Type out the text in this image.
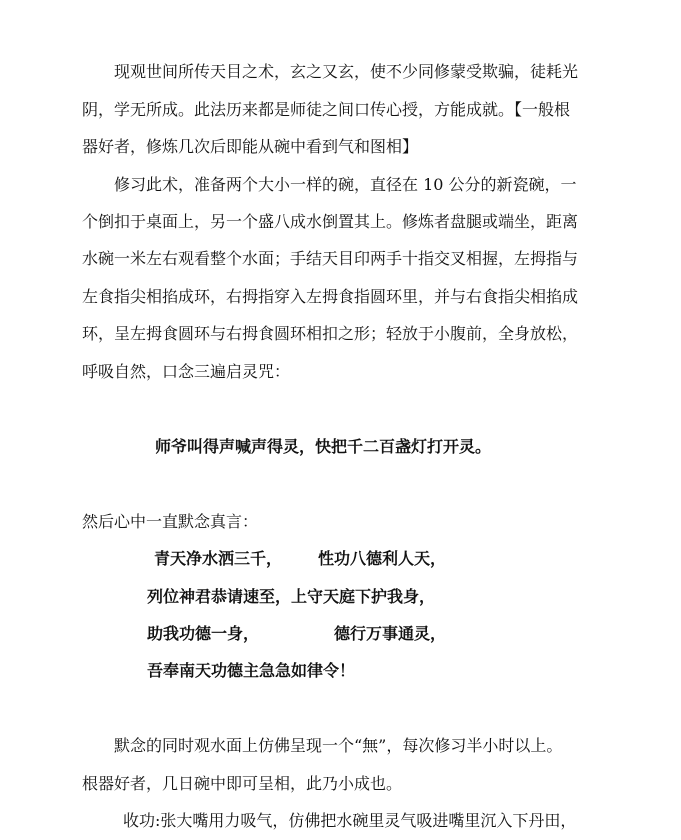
现观世间所传天目之术，玄之又玄，使不少同修蒙受欺骗，徒耗光
阴，学无所成。此法历来都是师徒之间口传心授，方能成就。【一般根
器好者，修炼几次后即能从碗中看到气和图相】
修习此术，准备两个大小一样的碗，直径在 10 公分的新瓷碗，一
个倒扣于桌面上，另一个盛八成水倒置其上。修炼者盘腿或端坐，距离
水碗一米左右观看整个水面；手结天目印两手十指交叉相握，左拇指与
左食指尖相掐成环，右拇指穿入左拇食指圆环里，并与右食指尖相掐成
环，呈左拇食圆环与右拇食圆环相扣之形；轻放于小腹前，全身放松，
呼吸自然，口念三遍启灵咒：
师爷叫得声喊声得灵，快把千二百盏灯打开灵。
然后心中一直默念真言：
青天净水洒三千， 性功八德利人天，
列位神君恭请速至，上守天庭下护我身，
助我功德一身，	德行万事通灵，
吾奉南天功德主急急如律令！
默念的同时观水面上仿佛呈现一个“無”，每次修习半小时以上。
根器好者，几日碗中即可呈相，此乃小成也。
收功:张大嘴用力吸气，仿佛把水碗里灵气吸进嘴里沉入下丹田，
